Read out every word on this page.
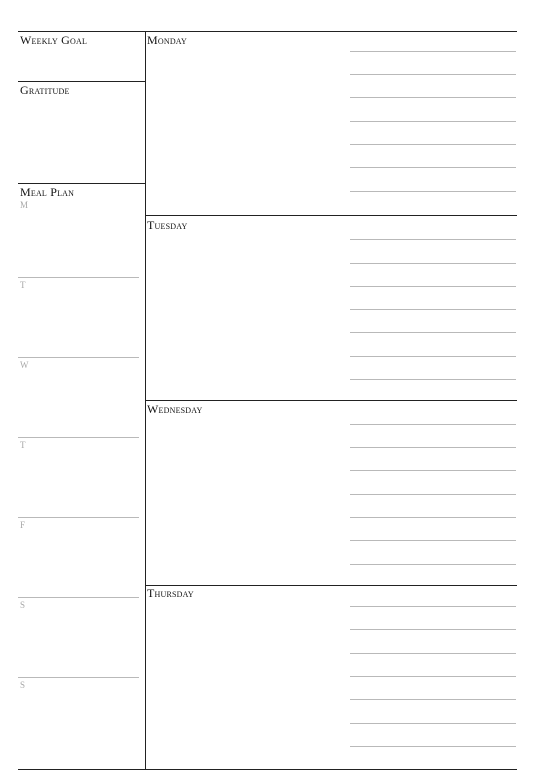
Weekly Goal
Gratitude
Meal Plan
M
T
W
T
F
S
S
Monday
Tuesday
Wednesday
Thursday
